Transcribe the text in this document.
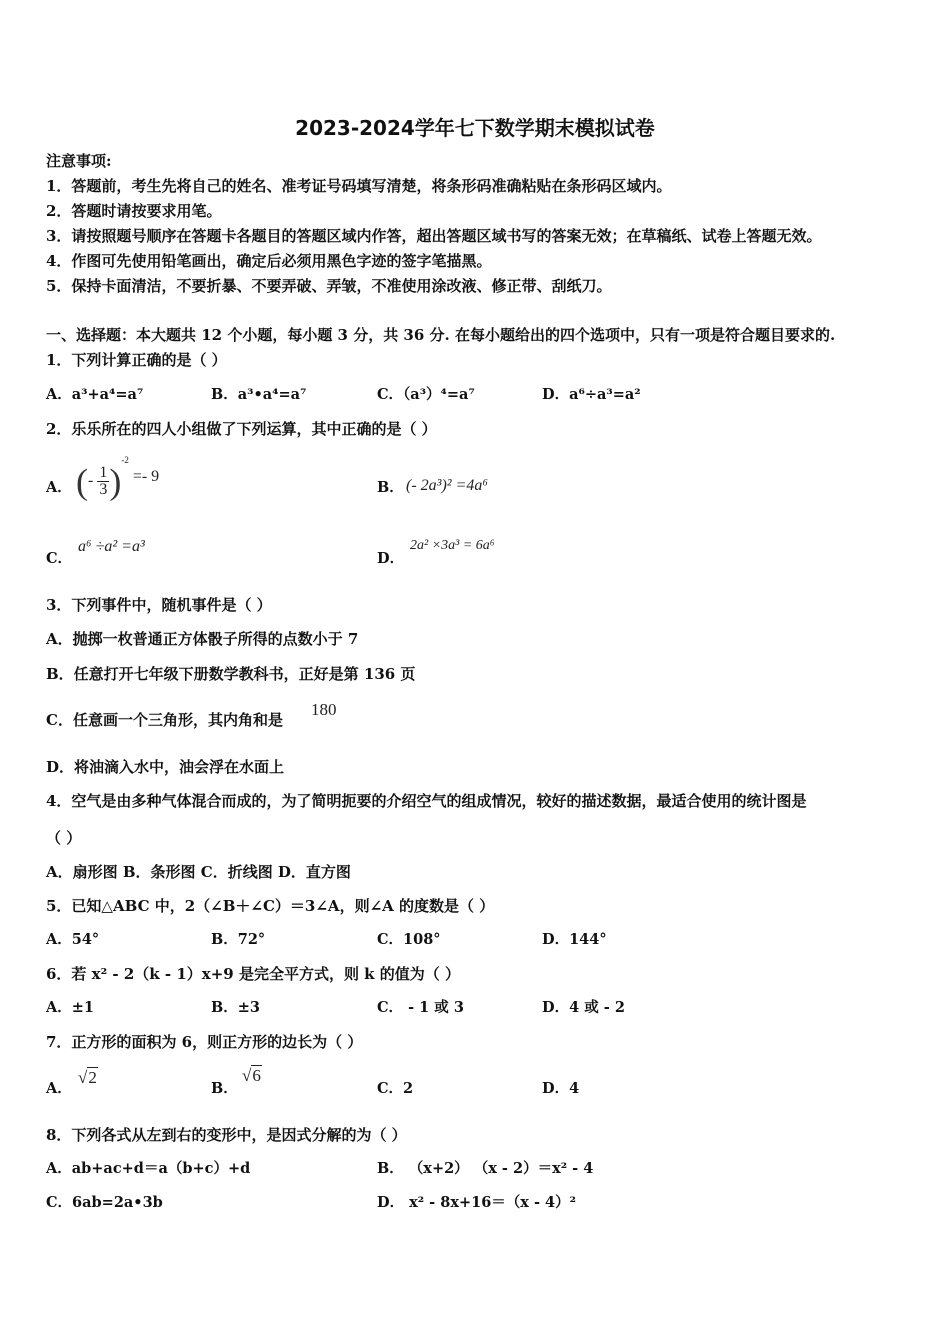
2023-2024学年七下数学期末模拟试卷
注意事项:
1．答题前，考生先将自己的姓名、准考证号码填写清楚，将条形码准确粘贴在条形码区域内。
2．答题时请按要求用笔。
3．请按照题号顺序在答题卡各题目的答题区域内作答，超出答题区域书写的答案无效；在草稿纸、试卷上答题无效。
4．作图可先使用铅笔画出，确定后必须用黑色字迹的签字笔描黑。
5．保持卡面清洁，不要折暴、不要弄破、弄皱，不准使用涂改液、修正带、刮纸刀。
一、选择题：本大题共 12 个小题，每小题 3 分，共 36 分. 在每小题给出的四个选项中，只有一项是符合题目要求的.
1．下列计算正确的是（ ）
A．a³+a⁴=a⁷	B．a³•a⁴=a⁷	C．（a³）⁴=a⁷	D．a⁶÷a³=a²
2．乐乐所在的四人小组做了下列运算，其中正确的是（ ）
A． (- $\frac{1}{3} )^{-2} =- 9$
B． (- 2a³)² =4a⁶
C．
a⁶ ÷a² =a³
D．
2a² ×3a³ = 6a⁶
3．下列事件中，随机事件是（ ）
A．抛掷一枚普通正方体骰子所得的点数小于 7
B．任意打开七年级下册数学教科书，正好是第 136 页
C．任意画一个三角形，其内角和是
180
D．将油滴入水中，油会浮在水面上
4．空气是由多种气体混合而成的，为了简明扼要的介绍空气的组成情况，较好的描述数据，最适合使用的统计图是
（ ）
A．扇形图 B．条形图 C．折线图 D．直方图
5．已知△ABC 中，2（∠B＋∠C）＝3∠A，则∠A 的度数是（ ）
A．54°	B．72°	C．108°	D．144°
6．若 x² - 2（k - 1）x+9 是完全平方式，则 k 的值为（ ）
A．±1	B．±3	C． - 1 或 3	D．4 或 - 2
7．正方形的面积为 6，则正方形的边长为（ ）
A．
√2
B．
√6
C．2	D．4
8．下列各式从左到右的变形中，是因式分解的为（ ）
A．ab+ac+d＝a（b+c）+d	B． （x+2） （x - 2）＝x² - 4
C．6ab=2a•3b	D． x² - 8x+16＝（x - 4）²
